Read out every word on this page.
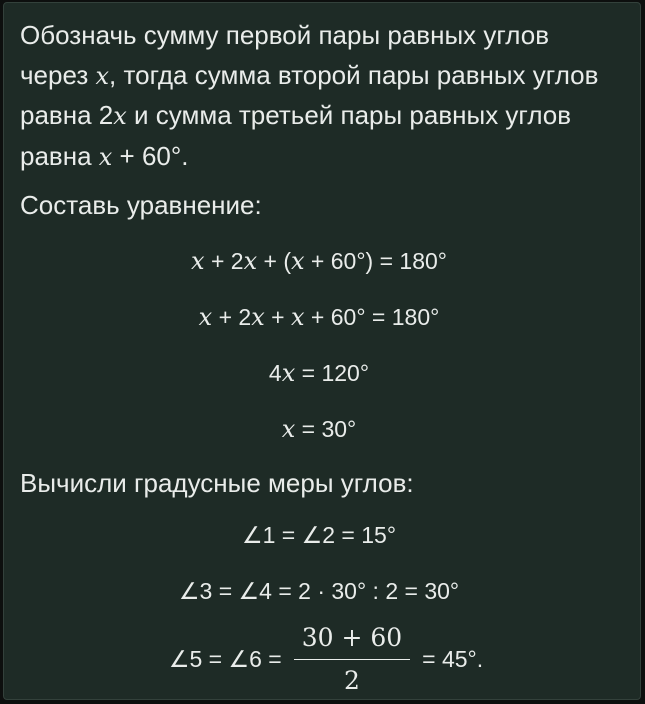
Обозначь сумму первой пары равных углов через x, тогда сумма второй пары равных углов равна 2x и сумма третьей пары равных углов равна x + 60°.

Составь уравнение:

x + 2x + (x + 60°) = 180°

x + 2x + x + 60° = 180°

4x = 120°

x = 30°

Вычисли градусные меры углов:

∠1 = ∠2 = 15°

∠3 = ∠4 = 2 · 30° : 2 = 30°

∠5 = ∠6 = $\frac{30 + 60}{2} = 45^\circ$.
